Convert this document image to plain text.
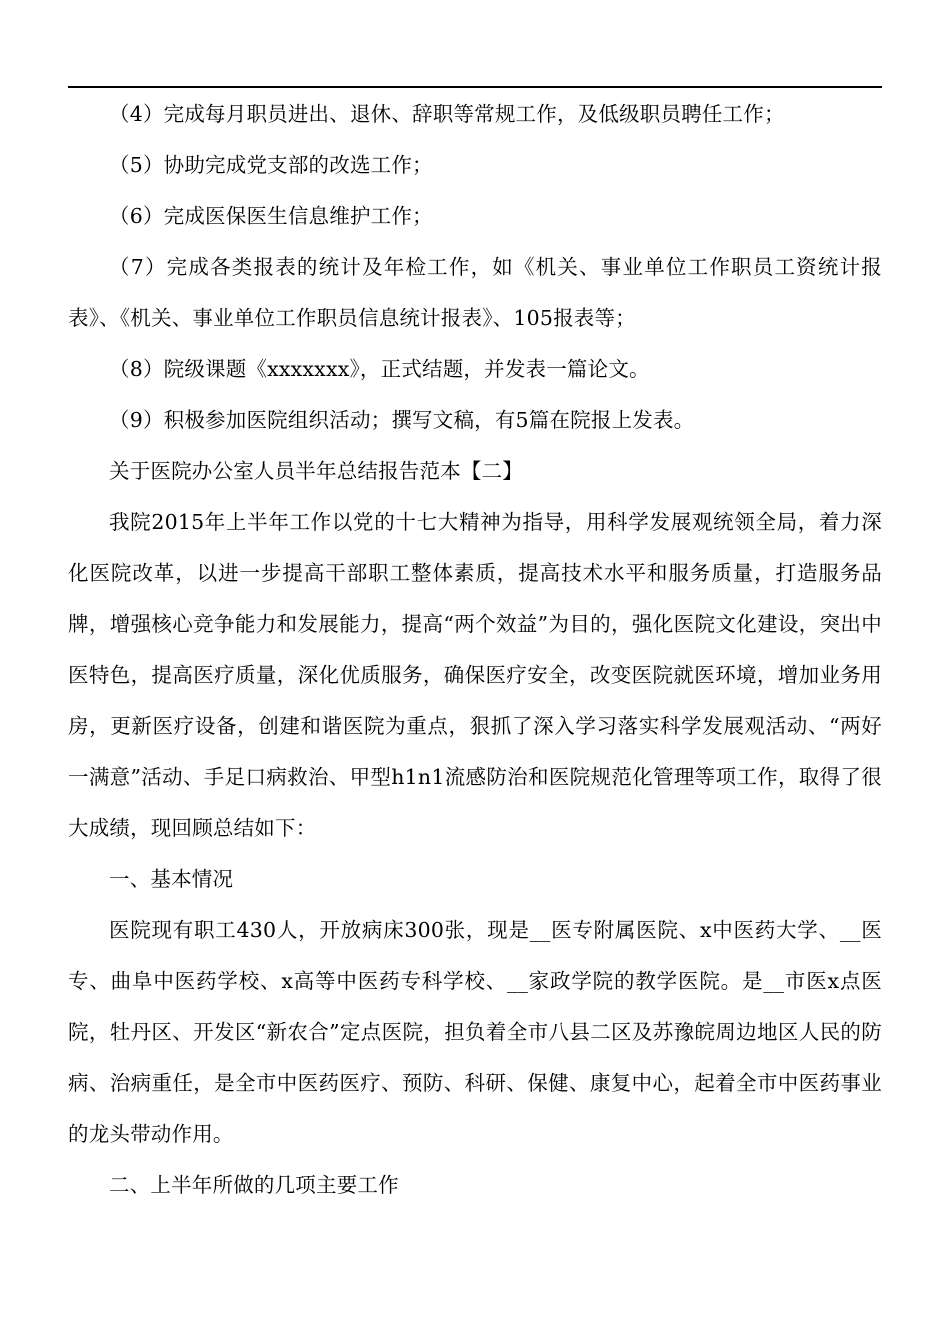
（4）完成每月职员进出、退休、辞职等常规工作，及低级职员聘任工作；

（5）协助完成党支部的改选工作；

（6）完成医保医生信息维护工作；

（7）完成各类报表的统计及年检工作，如《机关、事业单位工作职员工资统计报表》、《机关、事业单位工作职员信息统计报表》、105报表等；

（8）院级课题《xxxxxxx》，正式结题，并发表一篇论文。

（9）积极参加医院组织活动；撰写文稿，有5篇在院报上发表。

关于医院办公室人员半年总结报告范本【二】

我院2015年上半年工作以党的十七大精神为指导，用科学发展观统领全局，着力深化医院改革，以进一步提高干部职工整体素质，提高技术水平和服务质量，打造服务品牌，增强核心竞争能力和发展能力，提高“两个效益”为目的，强化医院文化建设，突出中医特色，提高医疗质量，深化优质服务，确保医疗安全，改变医院就医环境，增加业务用房，更新医疗设备，创建和谐医院为重点，狠抓了深入学习落实科学发展观活动、“两好一满意”活动、手足口病救治、甲型h1n1流感防治和医院规范化管理等项工作，取得了很大成绩，现回顾总结如下：

一、基本情况

医院现有职工430人，开放病床300张，现是__医专附属医院、x中医药大学、__医专、曲阜中医药学校、x高等中医药专科学校、__家政学院的教学医院。是__市医x点医院，牡丹区、开发区“新农合”定点医院，担负着全市八县二区及苏豫皖周边地区人民的防病、治病重任，是全市中医药医疗、预防、科研、保健、康复中心，起着全市中医药事业的龙头带动作用。

二、上半年所做的几项主要工作
